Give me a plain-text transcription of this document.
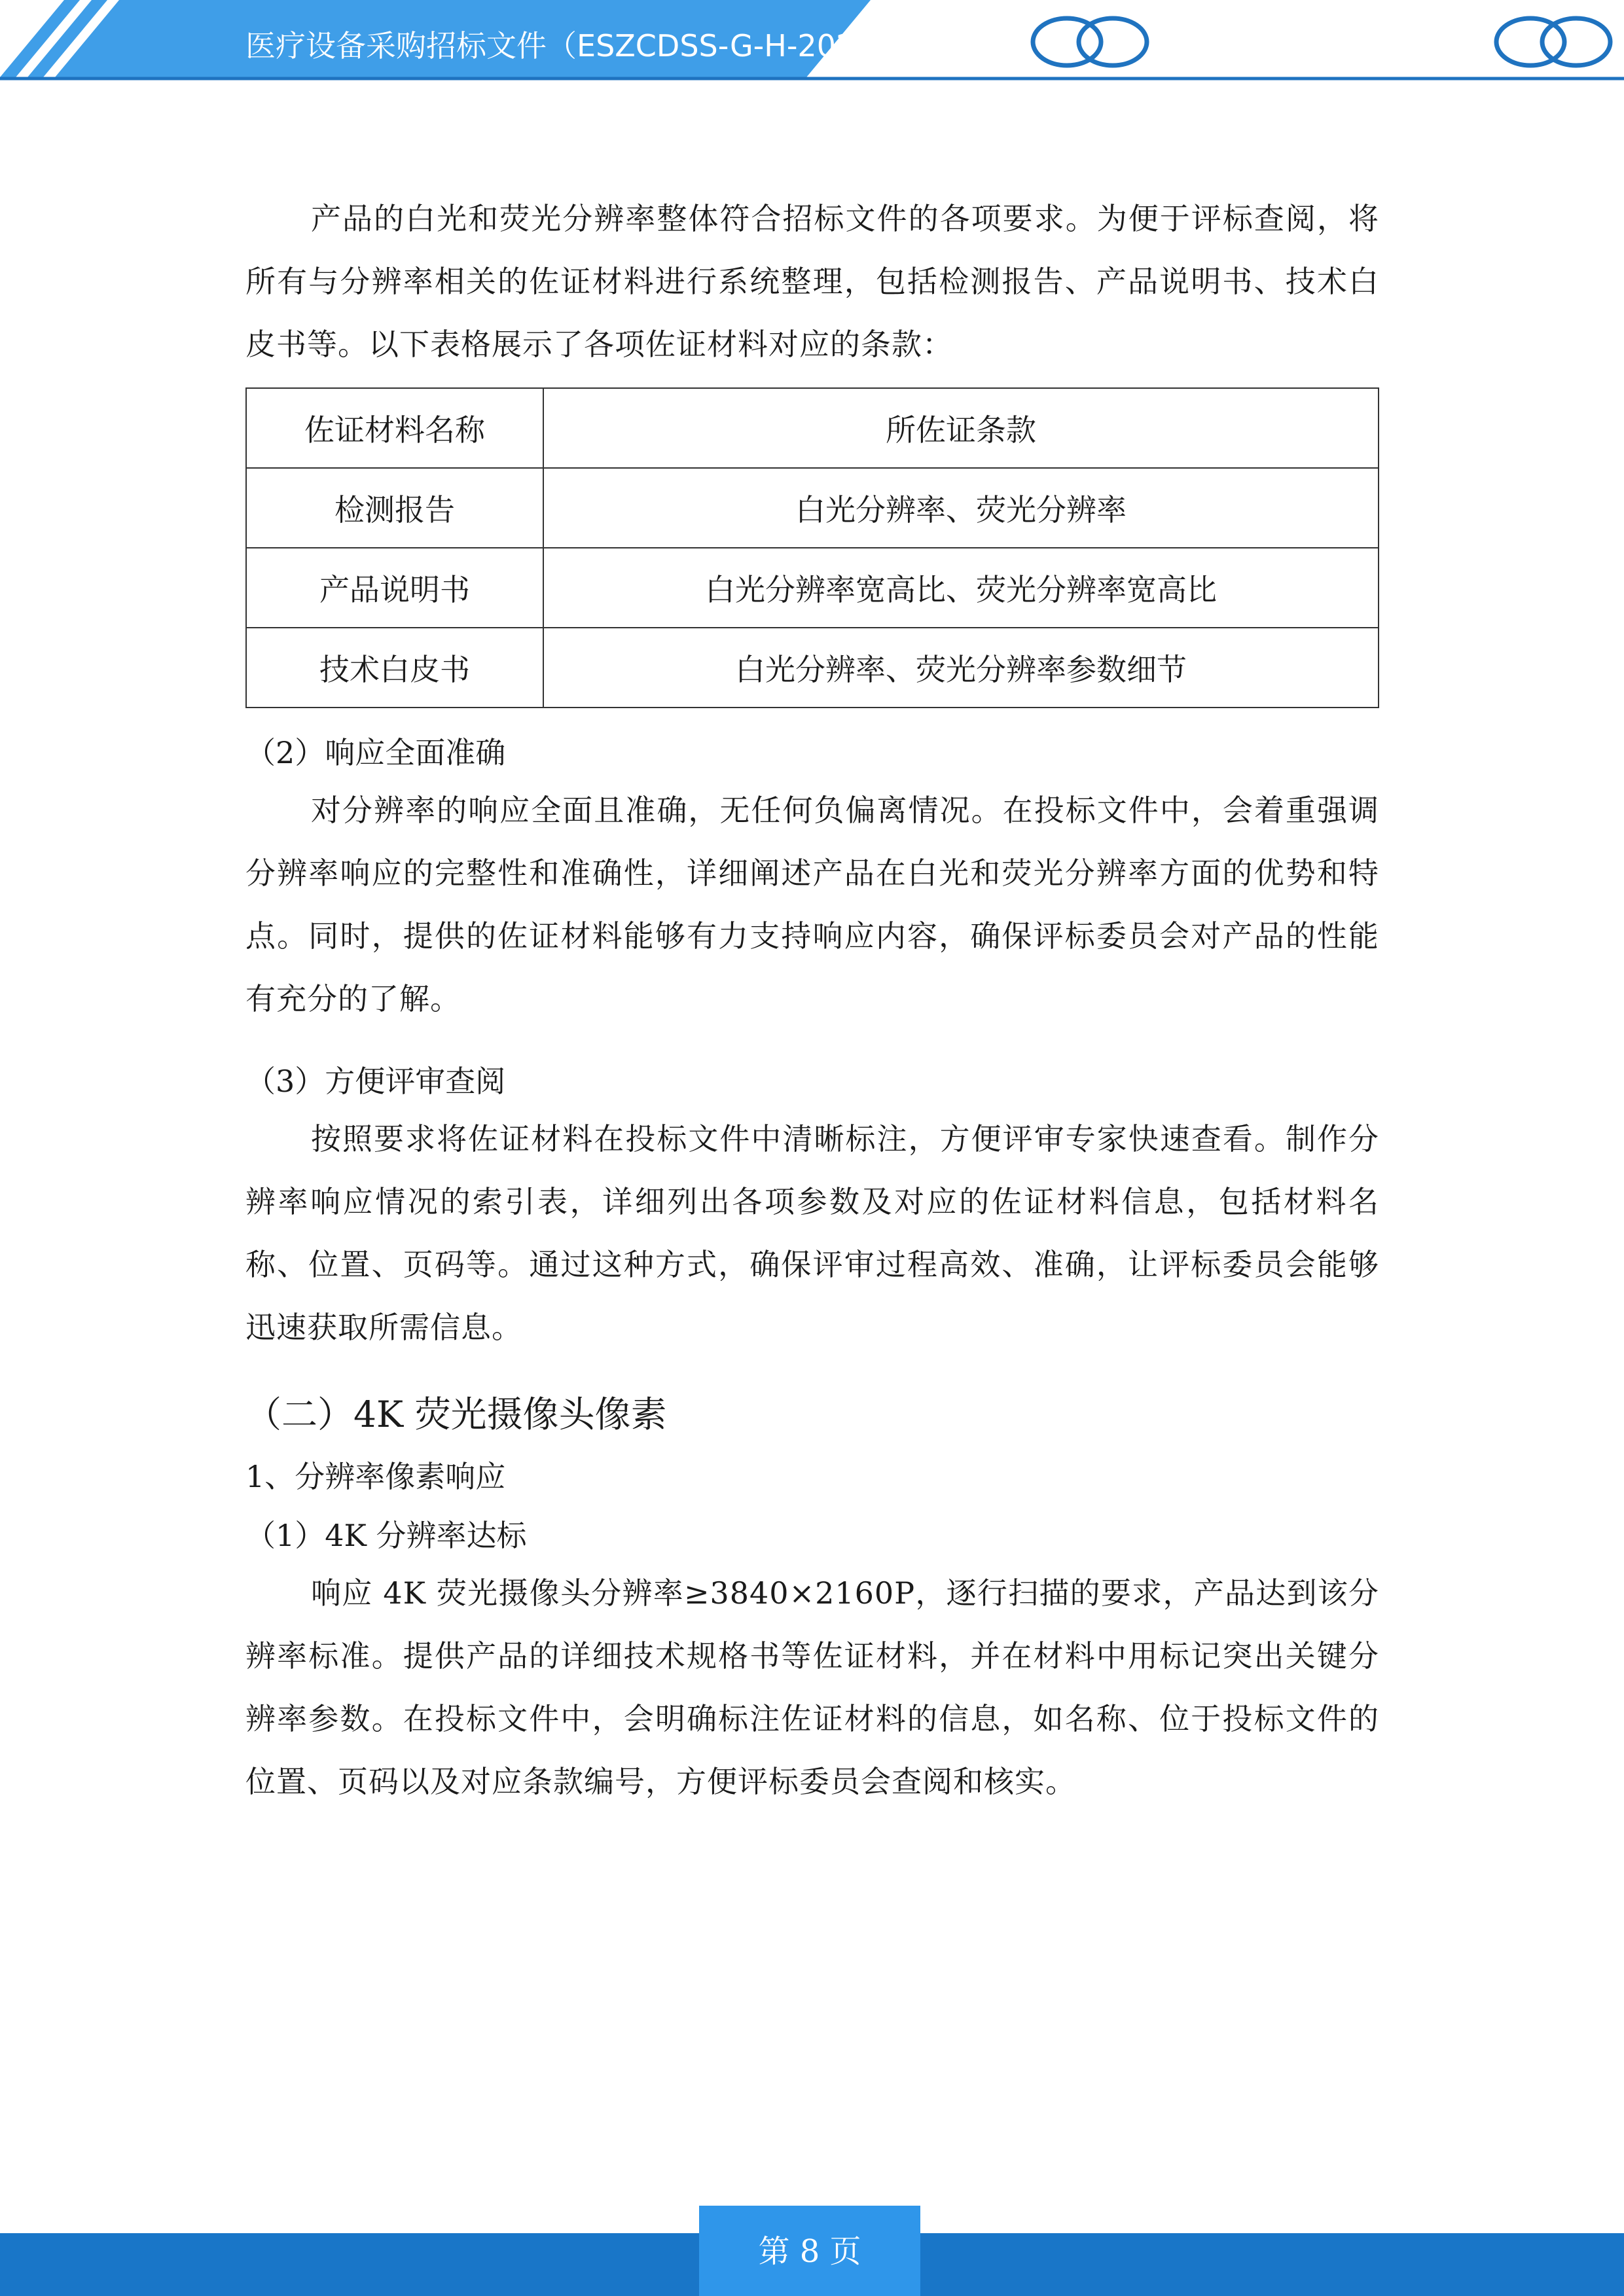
医疗设备采购招标文件（ESZCDSS-G-H-2024-0001）

产品的白光和荧光分辨率整体符合招标文件的各项要求。为便于评标查阅，将所有与分辨率相关的佐证材料进行系统整理，包括检测报告、产品说明书、技术白皮书等。以下表格展示了各项佐证材料对应的条款：

佐证材料名称	所佐证条款
检测报告	白光分辨率、荧光分辨率
产品说明书	白光分辨率宽高比、荧光分辨率宽高比
技术白皮书	白光分辨率、荧光分辨率参数细节

（2）响应全面准确

对分辨率的响应全面且准确，无任何负偏离情况。在投标文件中，会着重强调分辨率响应的完整性和准确性，详细阐述产品在白光和荧光分辨率方面的优势和特点。同时，提供的佐证材料能够有力支持响应内容，确保评标委员会对产品的性能有充分的了解。

（3）方便评审查阅

按照要求将佐证材料在投标文件中清晰标注，方便评审专家快速查看。制作分辨率响应情况的索引表，详细列出各项参数及对应的佐证材料信息，包括材料名称、位置、页码等。通过这种方式，确保评审过程高效、准确，让评标委员会能够迅速获取所需信息。

（二）4K 荧光摄像头像素

1、分辨率像素响应

（1）4K 分辨率达标

响应 4K 荧光摄像头分辨率≥3840×2160P，逐行扫描的要求，产品达到该分辨率标准。提供产品的详细技术规格书等佐证材料，并在材料中用标记突出关键分辨率参数。在投标文件中，会明确标注佐证材料的信息，如名称、位于投标文件的位置、页码以及对应条款编号，方便评标委员会查阅和核实。

第 8 页
